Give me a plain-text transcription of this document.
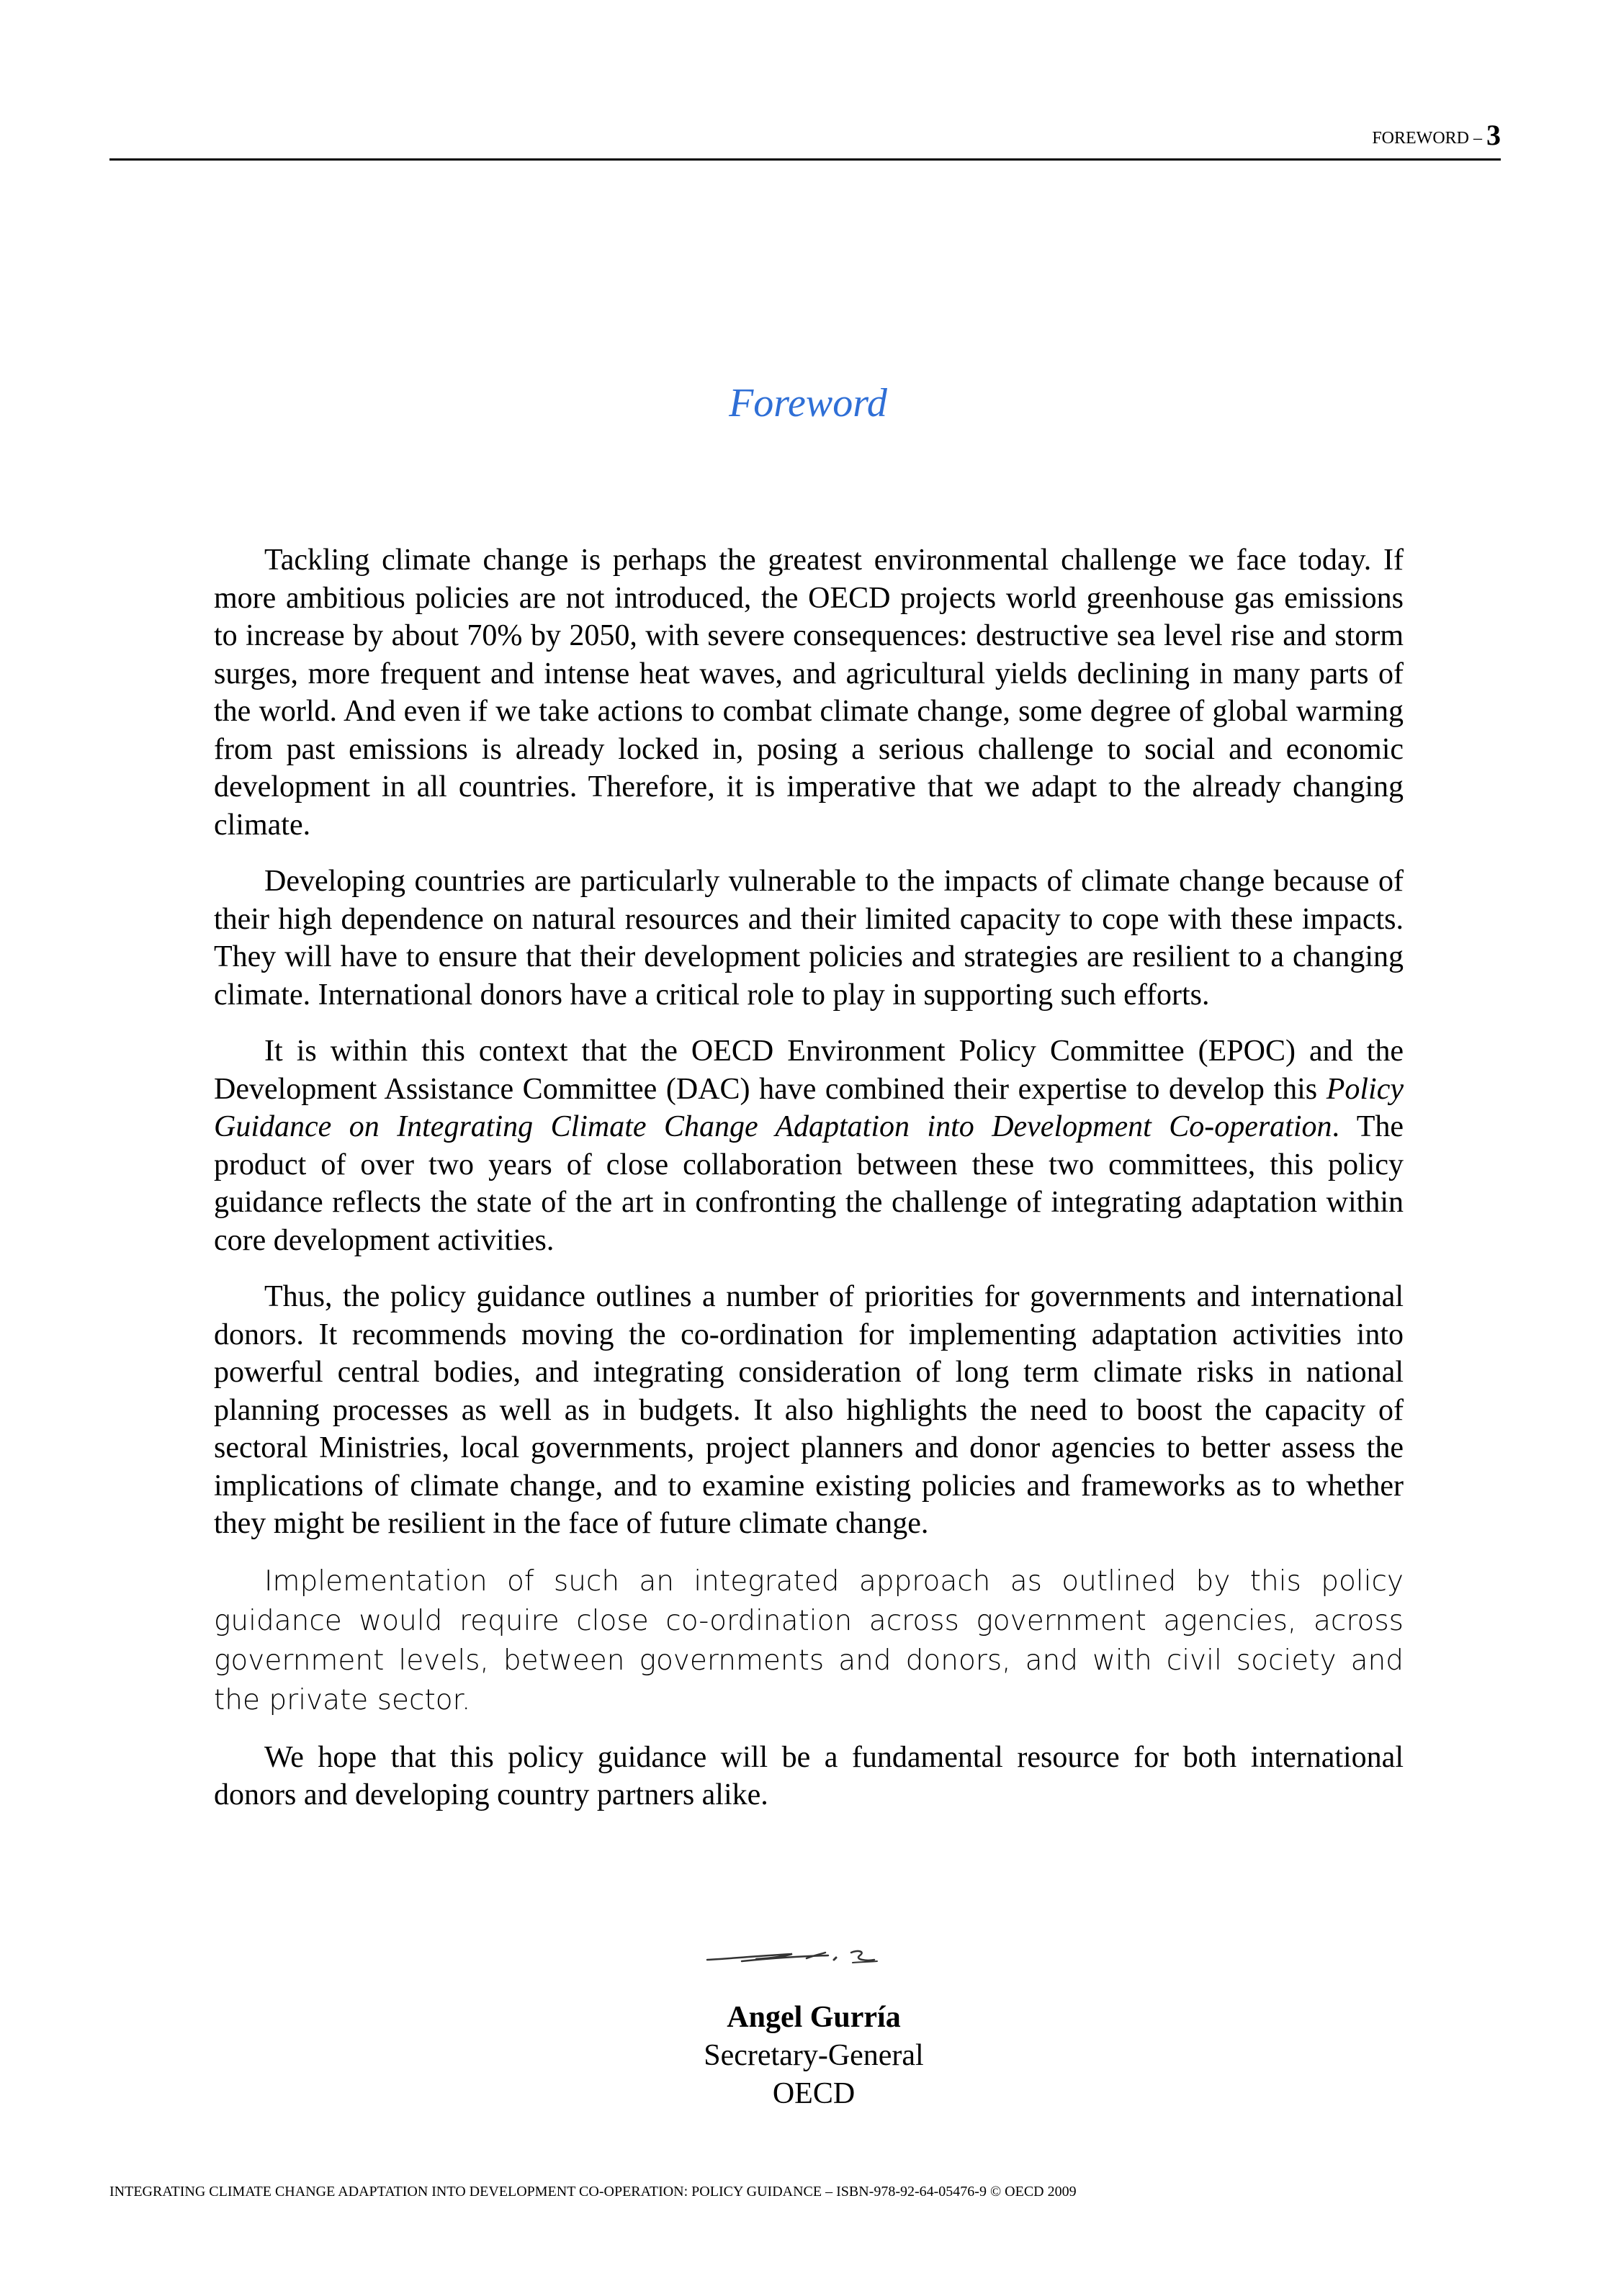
FOREWORD – 3
Foreword

Tackling climate change is perhaps the greatest environmental challenge we face today. If more ambitious policies are not introduced, the OECD projects world greenhouse gas emissions to increase by about 70% by 2050, with severe consequences: destructive sea level rise and storm surges, more frequent and intense heat waves, and agricultural yields declining in many parts of the world. And even if we take actions to combat climate change, some degree of global warming from past emissions is already locked in, posing a serious challenge to social and economic development in all countries. Therefore, it is imperative that we adapt to the already changing climate.

Developing countries are particularly vulnerable to the impacts of climate change because of their high dependence on natural resources and their limited capacity to cope with these impacts. They will have to ensure that their development policies and strategies are resilient to a changing climate. International donors have a critical role to play in supporting such efforts.

It is within this context that the OECD Environment Policy Committee (EPOC) and the Development Assistance Committee (DAC) have combined their expertise to develop this Policy Guidance on Integrating Climate Change Adaptation into Development Co-operation. The product of over two years of close collaboration between these two committees, this policy guidance reflects the state of the art in confronting the challenge of integrating adaptation within core development activities.

Thus, the policy guidance outlines a number of priorities for governments and international donors. It recommends moving the co-ordination for implementing adaptation activities into powerful central bodies, and integrating consideration of long term climate risks in national planning processes as well as in budgets. It also highlights the need to boost the capacity of sectoral Ministries, local governments, project planners and donor agencies to better assess the implications of climate change, and to examine existing policies and frameworks as to whether they might be resilient in the face of future climate change.

Implementation of such an integrated approach as outlined by this policy guidance would require close co-ordination across government agencies, across government levels, between governments and donors, and with civil society and the private sector.

We hope that this policy guidance will be a fundamental resource for both international donors and developing country partners alike.

Angel Gurría
Secretary-General
OECD
INTEGRATING CLIMATE CHANGE ADAPTATION INTO DEVELOPMENT CO-OPERATION: POLICY GUIDANCE – ISBN-978-92-64-05476-9 © OECD 2009
